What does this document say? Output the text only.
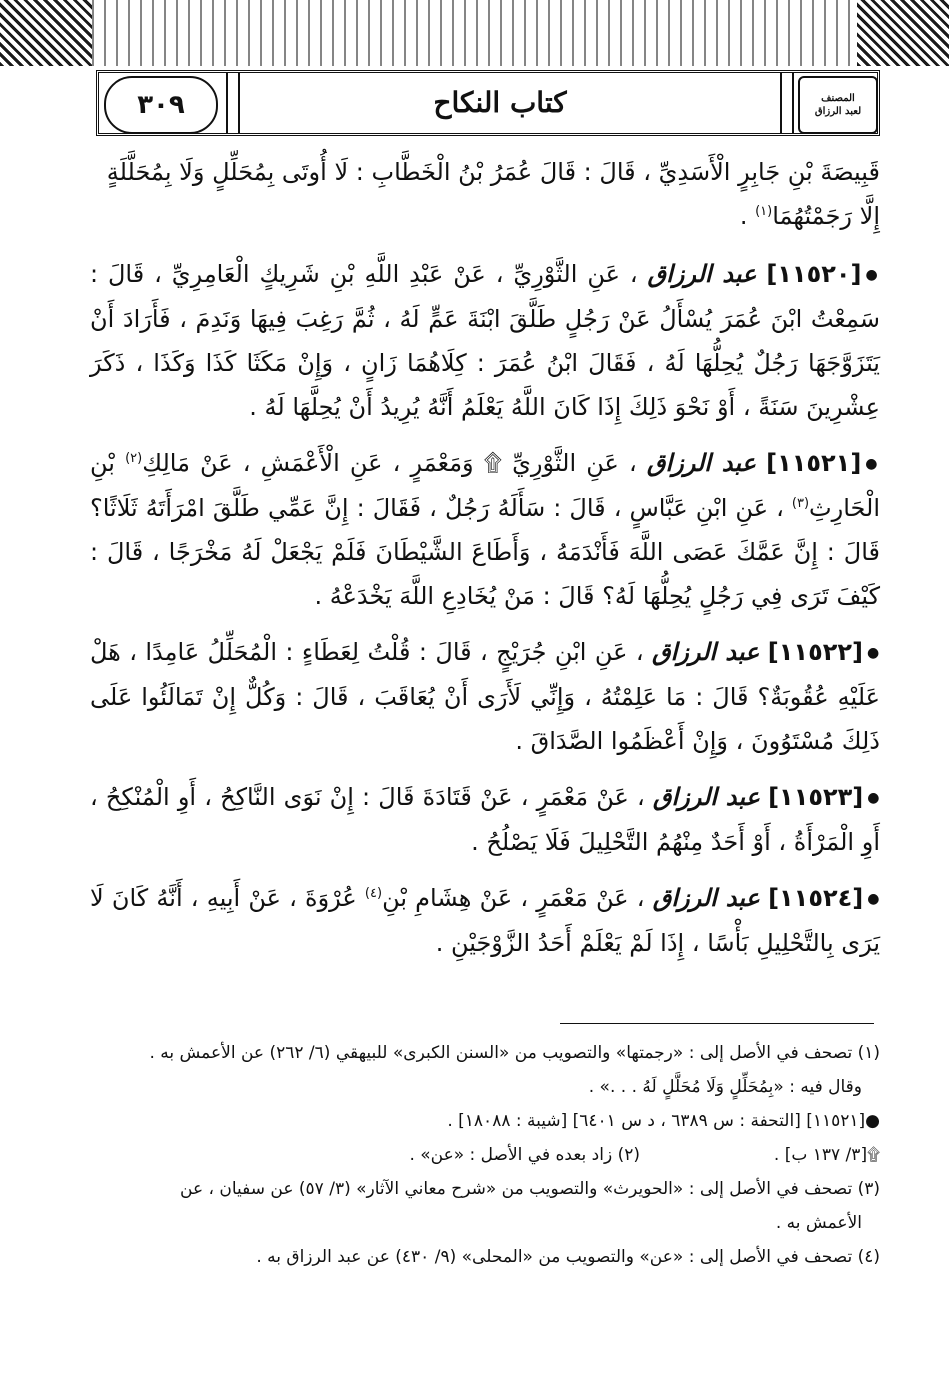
٣٠٩	كتاب النكاح	المصنف
لعبد الرزاق

قَبِيصَةَ بْنِ جَابِرٍ الْأَسَدِيِّ ، قَالَ : قَالَ عُمَرُ بْنُ الْخَطَّابِ : لَا أُوتَى بِمُحَلِّلٍ وَلَا بِمُحَلَّلَةٍ
إِلَّا رَجَمْتُهُمَا$^{(١)}$ .

●[١١٥٢٠] عبد الرزاق ، عَنِ الثَّوْرِيِّ ، عَنْ عَبْدِ اللَّهِ بْنِ شَرِيكٍ الْعَامِرِيِّ ، قَالَ : سَمِعْتُ ابْنَ عُمَرَ يُسْأَلُ عَنْ رَجُلٍ طَلَّقَ ابْنَةَ عَمٍّ لَهُ ، ثُمَّ رَغِبَ فِيهَا وَنَدِمَ ، فَأَرَادَ أَنْ يَتَزَوَّجَهَا رَجُلٌ يُحِلُّهَا لَهُ ، فَقَالَ ابْنُ عُمَرَ : كِلَاهُمَا زَانٍ ، وَإِنْ مَكَثَا كَذَا وَكَذَا ، ذَكَرَ عِشْرِينَ سَنَةً ، أَوْ نَحْوَ ذَلِكَ إِذَا كَانَ اللَّهُ يَعْلَمُ أَنَّهُ يُرِيدُ أَنْ يُحِلَّهَا لَهُ .

●[١١٥٢١] عبد الرزاق ، عَنِ الثَّوْرِيِّ ۩ وَمَعْمَرٍ ، عَنِ الْأَعْمَشِ ، عَنْ مَالِكِ$^{(٢)}$ بْنِ الْحَارِثِ$^{(٣)}$ ، عَنِ ابْنِ عَبَّاسٍ ، قَالَ : سَأَلَهُ رَجُلٌ ، فَقَالَ : إِنَّ عَمِّي طَلَّقَ امْرَأَتَهُ ثَلَاثًا؟ قَالَ : إِنَّ عَمَّكَ عَصَى اللَّهَ فَأَنْدَمَهُ ، وَأَطَاعَ الشَّيْطَانَ فَلَمْ يَجْعَلْ لَهُ مَخْرَجًا ، قَالَ : كَيْفَ تَرَى فِي رَجُلٍ يُحِلُّهَا لَهُ؟ قَالَ : مَنْ يُخَادِعِ اللَّهَ يَخْدَعْهُ .

●[١١٥٢٢] عبد الرزاق ، عَنِ ابْنِ جُرَيْجٍ ، قَالَ : قُلْتُ لِعَطَاءٍ : الْمُحَلِّلُ عَامِدًا ، هَلْ عَلَيْهِ عُقُوبَةٌ؟ قَالَ : مَا عَلِمْتُهُ ، وَإِنِّي لَأَرَى أَنْ يُعَاقَبَ ، قَالَ : وَكُلٌّ إِنْ تَمَالَئُوا عَلَى ذَلِكَ مُسْتَوُونَ ، وَإِنْ أَعْظَمُوا الصَّدَاقَ .

●[١١٥٢٣] عبد الرزاق ، عَنْ مَعْمَرٍ ، عَنْ قَتَادَةَ قَالَ : إِنْ نَوَى النَّاكِحُ ، أَوِ الْمُنْكِحُ ، أَوِ الْمَرْأَةُ ، أَوْ أَحَدٌ مِنْهُمُ التَّحْلِيلَ فَلَا يَصْلُحُ .

●[١١٥٢٤] عبد الرزاق ، عَنْ مَعْمَرٍ ، عَنْ هِشَامِ بْنِ$^{(٤)}$ عُرْوَةَ ، عَنْ أَبِيهِ ، أَنَّهُ كَانَ لَا يَرَى بِالتَّحْلِيلِ بَأْسًا ، إِذَا لَمْ يَعْلَمْ أَحَدُ الزَّوْجَيْنِ .

(١) تصحف في الأصل إلى : «رجمتها» والتصويب من «السنن الكبرى» للبيهقي (٦/ ٢٦٢) عن الأعمش به .
وقال فيه : «بِمُحَلِّلٍ وَلَا مُحَلَّلٍ لَهُ . . .» .
●[١١٥٢١] [التحفة : س ٦٣٨٩ ، د س ٦٤٠١] [شيبة : ١٨٠٨٨] .
۩[٣/ ١٣٧ ب] .
(٢) زاد بعده في الأصل : «عن» .
(٣) تصحف في الأصل إلى : «الحويرث» والتصويب من «شرح معاني الآثار» (٣/ ٥٧) عن سفيان ، عن
الأعمش به .
(٤) تصحف في الأصل إلى : «عن» والتصويب من «المحلى» (٩/ ٤٣٠) عن عبد الرزاق به .
